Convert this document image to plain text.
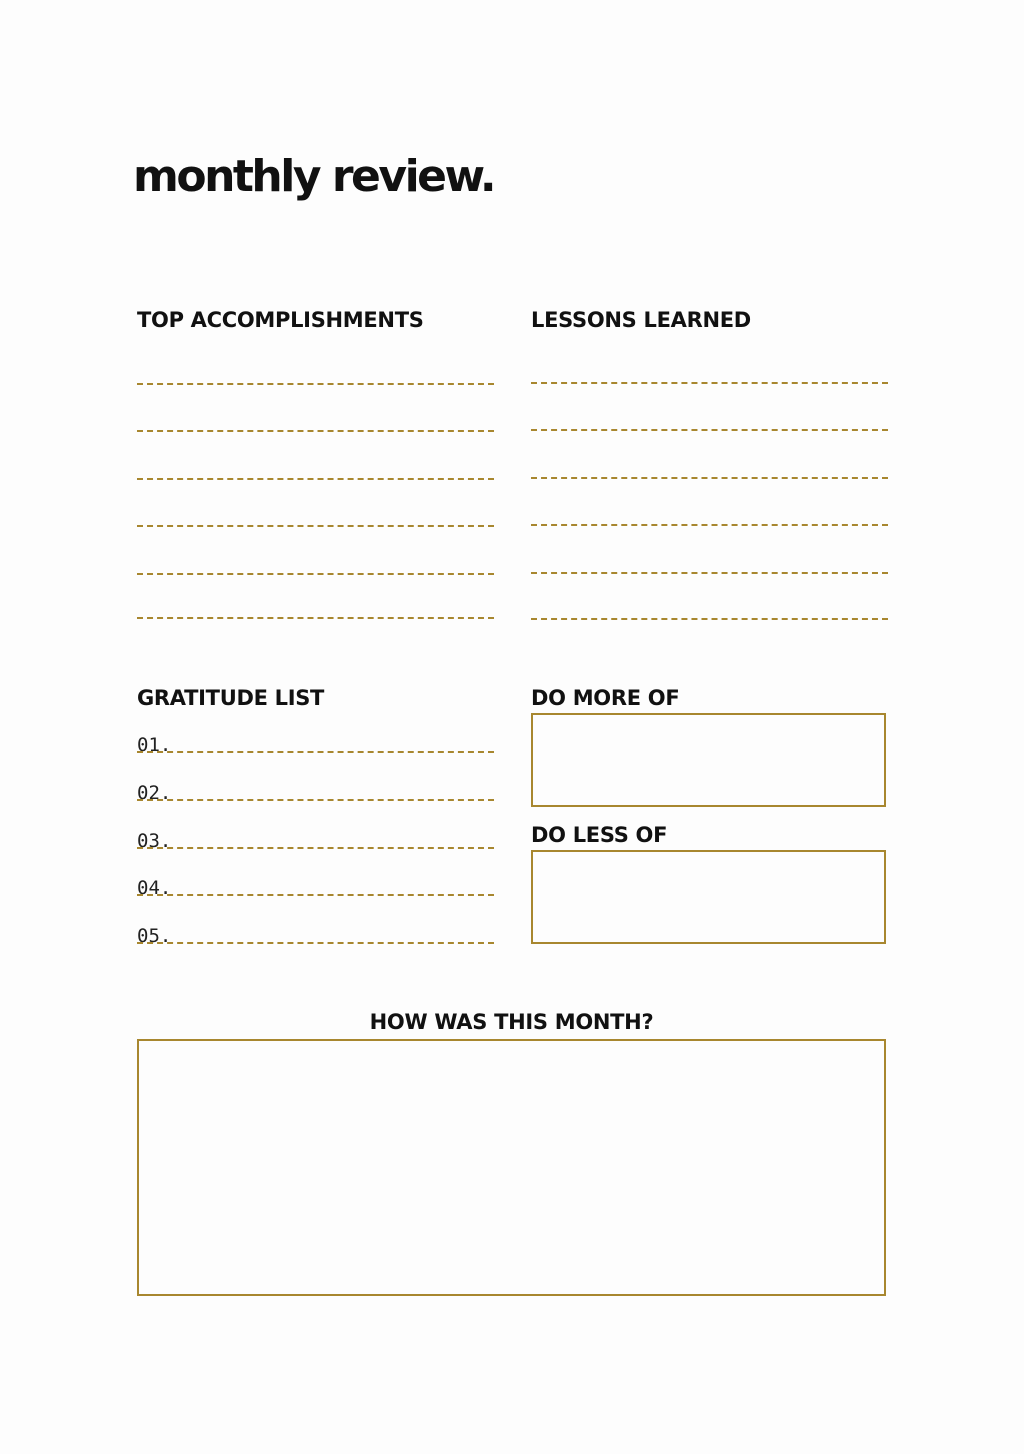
monthly review.
TOP ACCOMPLISHMENTS	LESSONS LEARNED
GRATITUDE LIST
01.
02.
03.
04.
05.
DO MORE OF
DO LESS OF
HOW WAS THIS MONTH?
